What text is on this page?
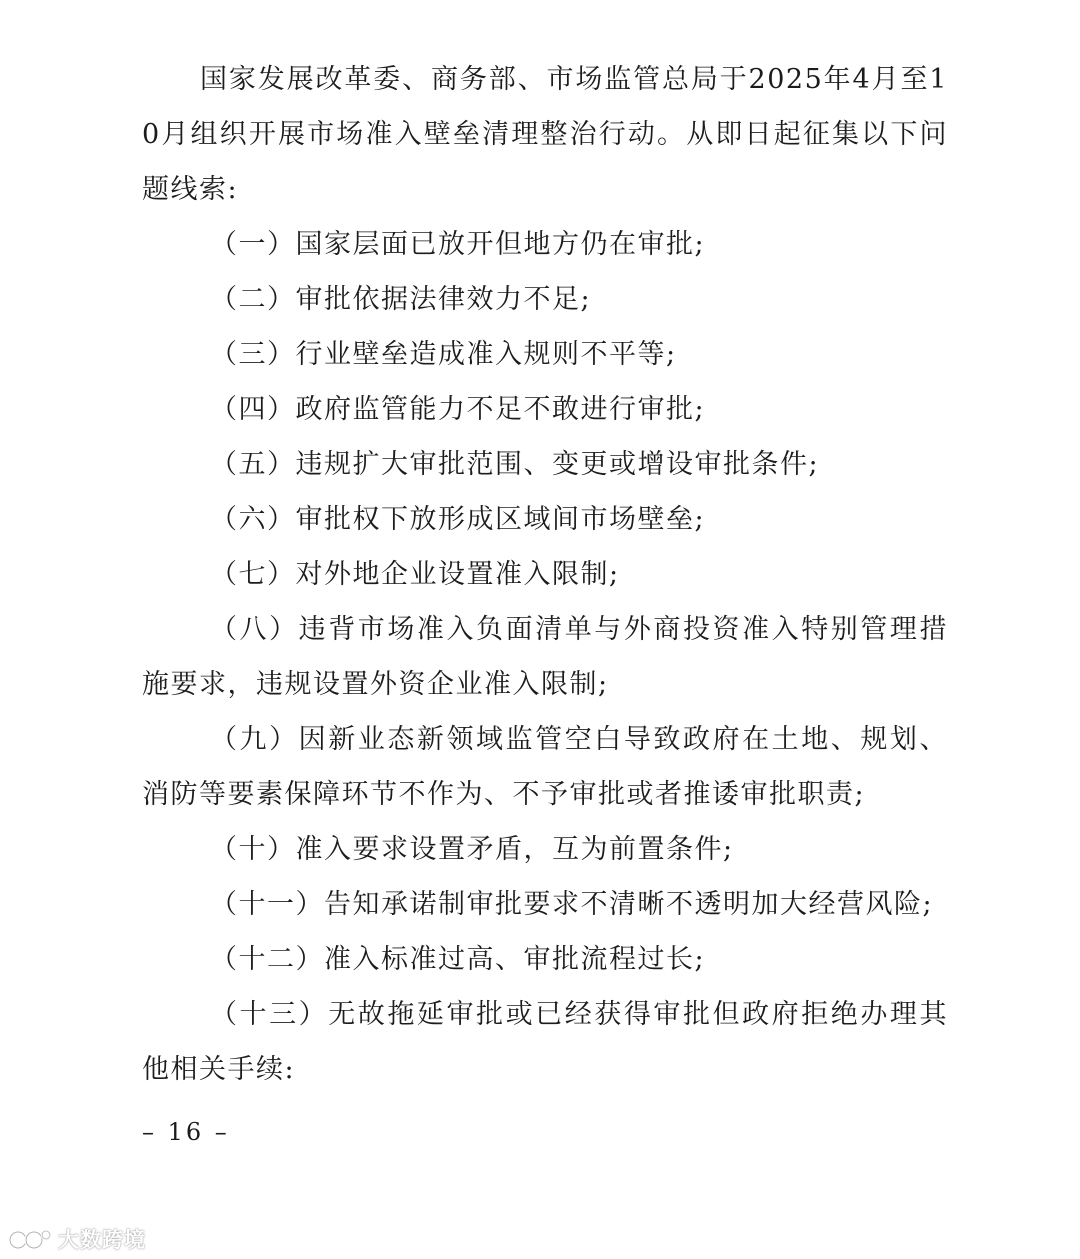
国家发展改革委、商务部、市场监管总局于2025年4月至10月组织开展市场准入壁垒清理整治行动。从即日起征集以下问题线索:

（一）国家层面已放开但地方仍在审批;

（二）审批依据法律效力不足;

（三）行业壁垒造成准入规则不平等;

（四）政府监管能力不足不敢进行审批;

（五）违规扩大审批范围、变更或增设审批条件;

（六）审批权下放形成区域间市场壁垒;

（七）对外地企业设置准入限制;

（八）违背市场准入负面清单与外商投资准入特别管理措施要求，违规设置外资企业准入限制;

（九）因新业态新领域监管空白导致政府在土地、规划、消防等要素保障环节不作为、不予审批或者推诿审批职责;

（十）准入要求设置矛盾，互为前置条件;

（十一）告知承诺制审批要求不清晰不透明加大经营风险;

（十二）准入标准过高、审批流程过长;

（十三）无故拖延审批或已经获得审批但政府拒绝办理其他相关手续:

– 16 –
大数跨境
